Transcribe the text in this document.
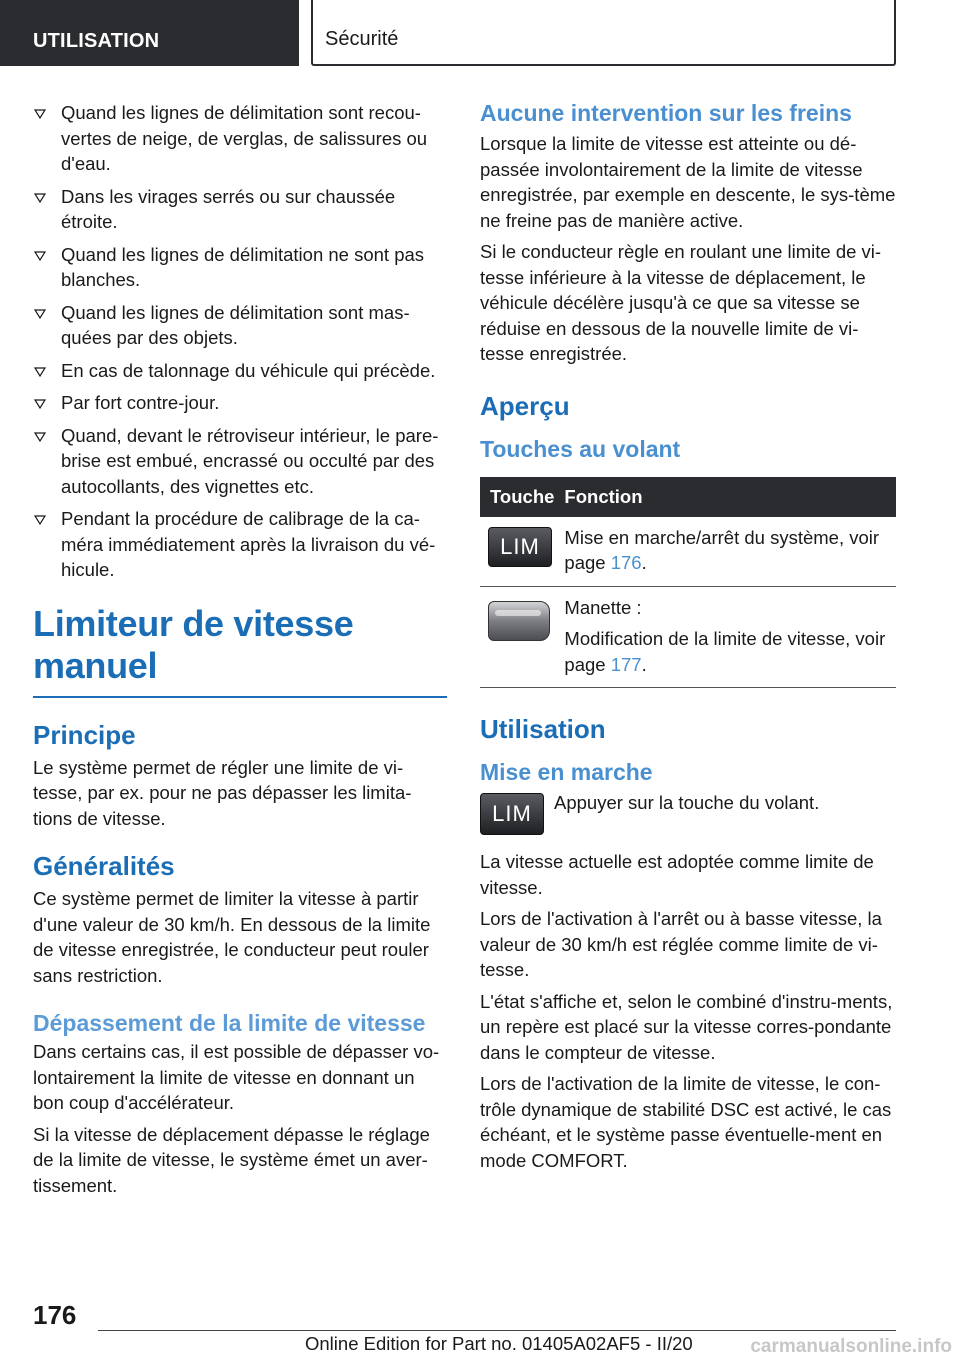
UTILISATION	Sécurité
Quand les lignes de délimitation sont recou-vertes de neige, de verglas, de salissures ou d'eau.
Dans les virages serrés ou sur chaussée étroite.
Quand les lignes de délimitation ne sont pas blanches.
Quand les lignes de délimitation sont mas-quées par des objets.
En cas de talonnage du véhicule qui précède.
Par fort contre-jour.
Quand, devant le rétroviseur intérieur, le pare-brise est embué, encrassé ou occulté par des autocollants, des vignettes etc.
Pendant la procédure de calibrage de la ca-méra immédiatement après la livraison du vé-hicule.
Limiteur de vitesse manuel
Principe

Le système permet de régler une limite de vi-tesse, par ex. pour ne pas dépasser les limita-tions de vitesse.

Généralités

Ce système permet de limiter la vitesse à partir d'une valeur de 30 km/h. En dessous de la limite de vitesse enregistrée, le conducteur peut rouler sans restriction.

Dépassement de la limite de vitesse

Dans certains cas, il est possible de dépasser vo-lontairement la limite de vitesse en donnant un bon coup d'accélérateur.

Si la vitesse de déplacement dépasse le réglage de la limite de vitesse, le système émet un aver-tissement.

Aucune intervention sur les freins

Lorsque la limite de vitesse est atteinte ou dé-passée involontairement de la limite de vitesse enregistrée, par exemple en descente, le sys-tème ne freine pas de manière active.

Si le conducteur règle en roulant une limite de vi-tesse inférieure à la vitesse de déplacement, le véhicule décélère jusqu'à ce que sa vitesse se réduise en dessous de la nouvelle limite de vi-tesse enregistrée.

Aperçu
Touches au volant
Touche	Fonction

LIM	Mise en marche/arrêt du système, voir page 176.

	Manette :

Modification de la limite de vitesse, voir page 177.

Utilisation
Mise en marche
LIM Appuyer sur la touche du volant.

La vitesse actuelle est adoptée comme limite de vitesse.

Lors de l'activation à l'arrêt ou à basse vitesse, la valeur de 30 km/h est réglée comme limite de vi-tesse.

L'état s'affiche et, selon le combiné d'instru-ments, un repère est placé sur la vitesse corres-pondante dans le compteur de vitesse.

Lors de l'activation de la limite de vitesse, le con-trôle dynamique de stabilité DSC est activé, le cas échéant, et le système passe éventuelle-ment en mode COMFORT.

176
Online Edition for Part no. 01405A02AF5 - II/20	carmanualsonline.info
